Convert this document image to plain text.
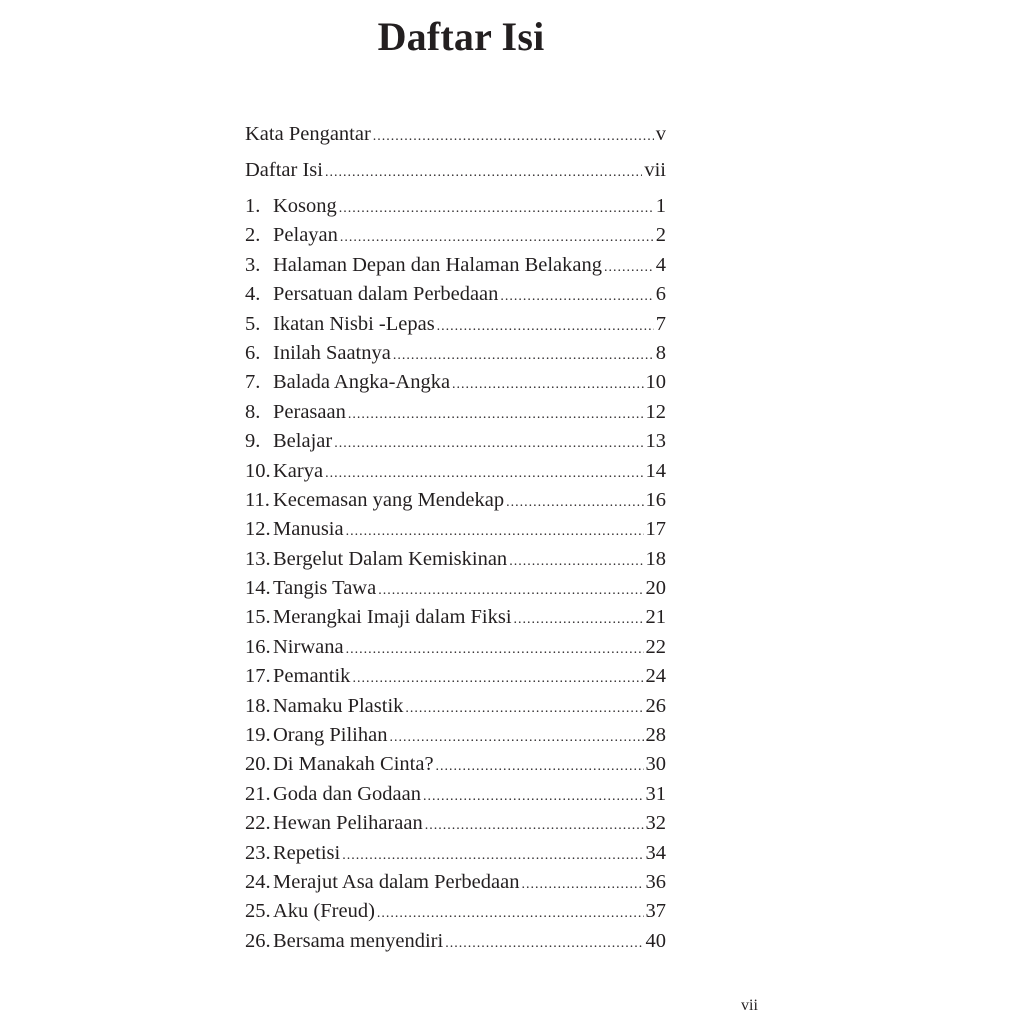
Daftar Isi
Kata Pengantar .....	v
Daftar Isi .....	vii
1. Kosong .....	1
2. Pelayan .....	2
3. Halaman Depan dan Halaman Belakang .....	4
4. Persatuan dalam Perbedaan .....	6
5. Ikatan Nisbi -Lepas .....	7
6. Inilah Saatnya .....	8
7. Balada Angka-Angka .....	10
8. Perasaan .....	12
9. Belajar .....	13
10. Karya .....	14
11. Kecemasan yang Mendekap .....	16
12. Manusia .....	17
13. Bergelut Dalam Kemiskinan .....	18
14. Tangis Tawa .....	20
15. Merangkai Imaji dalam Fiksi .....	21
16. Nirwana .....	22
17. Pemantik .....	24
18. Namaku Plastik .....	26
19. Orang Pilihan .....	28
20. Di Manakah Cinta? .....	30
21. Goda dan Godaan .....	31
22. Hewan Peliharaan .....	32
23. Repetisi .....	34
24. Merajut Asa dalam Perbedaan .....	36
25. Aku (Freud) .....	37
26. Bersama menyendiri .....	40
vii
